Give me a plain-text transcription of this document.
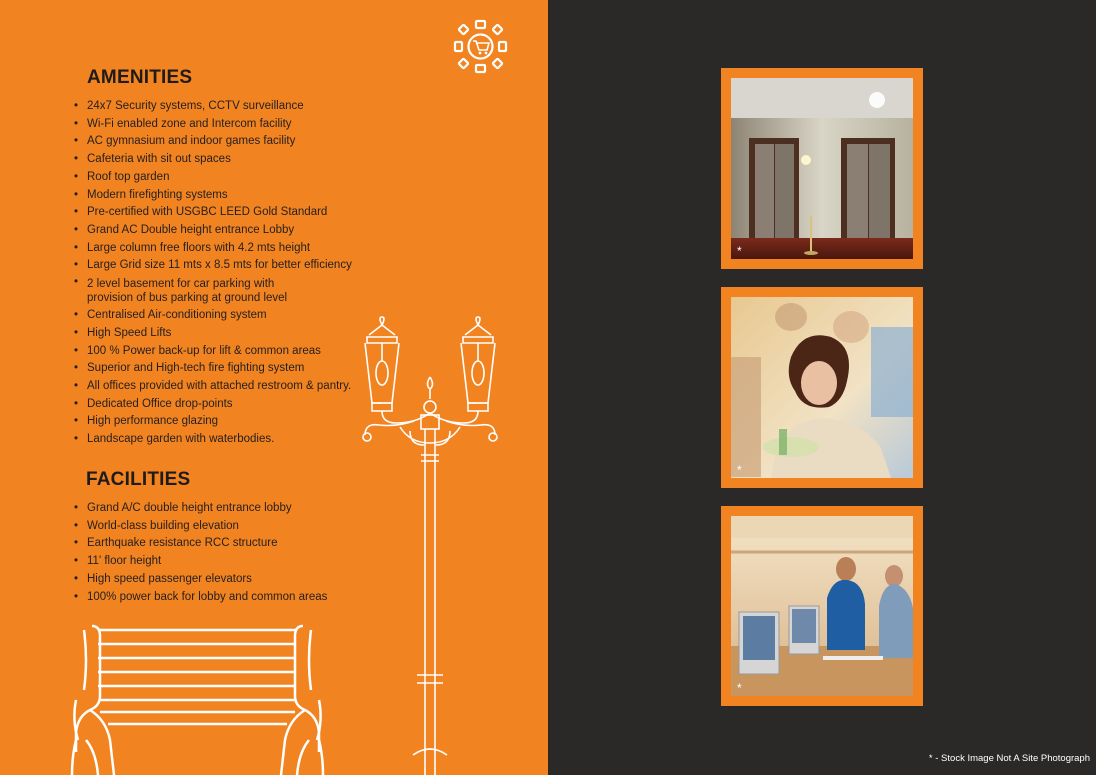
AMENITIES
• 24x7 Security systems, CCTV surveillance
• Wi-Fi enabled zone and Intercom facility
• AC gymnasium and indoor games facility
• Cafeteria with sit out spaces
• Roof top garden
• Modern firefighting systems
• Pre-certified with USGBC LEED Gold Standard
• Grand AC Double height entrance Lobby
• Large column free floors with 4.2 mts height
• Large Grid size 11 mts x 8.5 mts for better efficiency
• 2 level basement for car parking with provision of bus parking at ground level
• Centralised Air-conditioning system
• High Speed Lifts
• 100 % Power back-up for lift & common areas
• Superior and High-tech fire fighting system
• All offices provided with attached restroom & pantry.
• Dedicated Office drop-points
• High performance glazing
• Landscape garden with waterbodies.
FACILITIES
• Grand A/C double height entrance lobby
• World-class building elevation
• Earthquake resistance RCC structure
• 11' floor height
• High speed passenger elevators
• 100% power back for lobby and common areas
*
*
*
* - Stock Image Not A Site Photograph
